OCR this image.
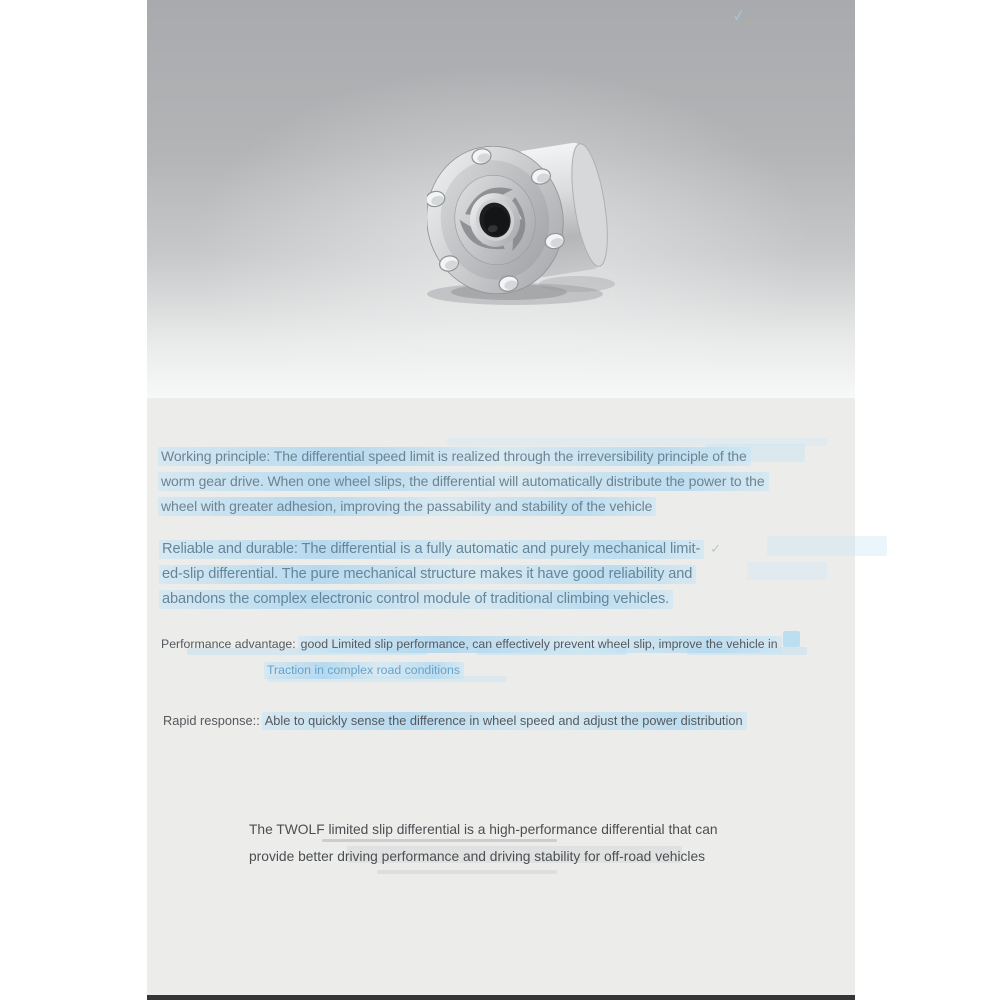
✓
Working principle: The differential speed limit is realized through the irreversibility principle of the
worm gear drive. When one wheel slips, the differential will automatically distribute the power to the
wheel with greater adhesion, improving the passability and stability of the vehicle
Reliable and durable: The differential is a fully automatic and purely mechanical limit- ✓
ed-slip differential. The pure mechanical structure makes it have good reliability and
abandons the complex electronic control module of traditional climbing vehicles.
Performance advantage: good Limited slip performance, can effectively prevent wheel slip, improve the vehicle in
Traction in complex road conditions
Rapid response:: Able to quickly sense the difference in wheel speed and adjust the power distribution
The TWOLF limited slip differential is a high-performance differential that can
provide better driving performance and driving stability for off-road vehicles
